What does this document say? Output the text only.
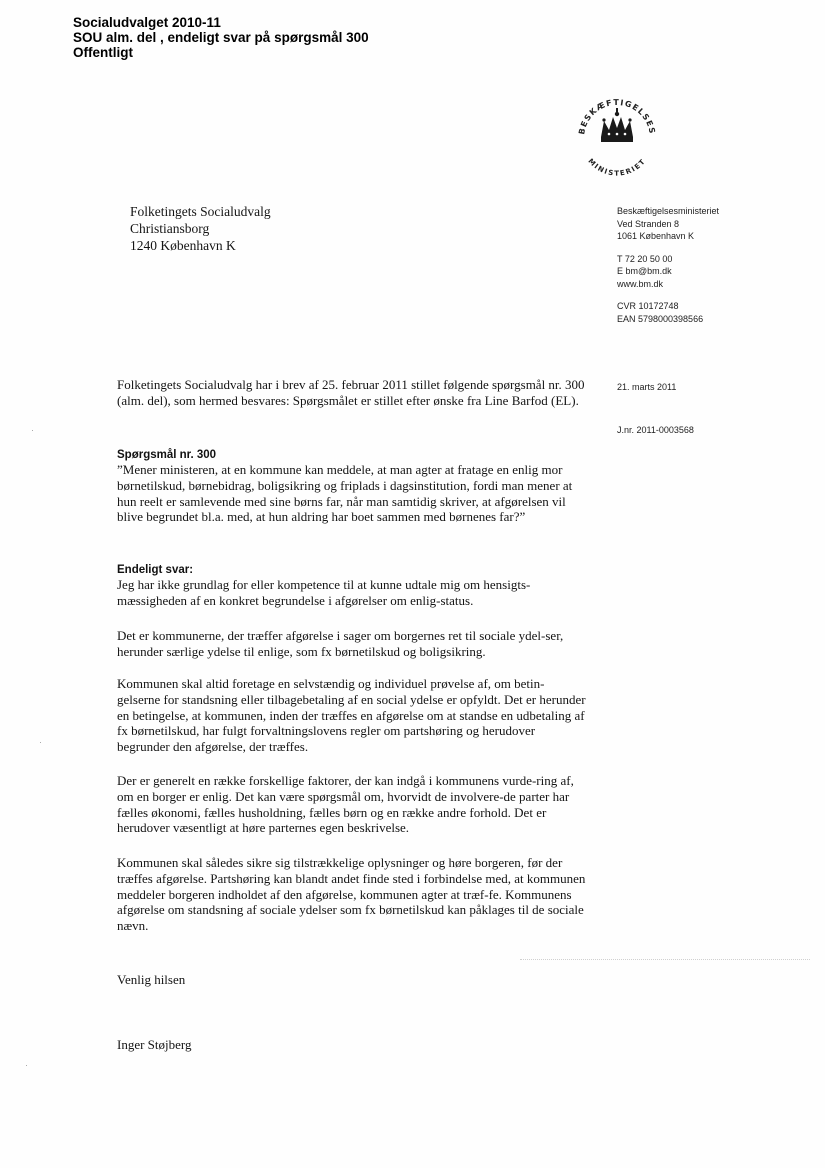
Socialudvalget 2010-11
SOU alm. del , endeligt svar på spørgsmål 300
Offentligt
BESKÆFTIGELSES
MINISTERIET
Folketingets Socialudvalg
Christiansborg
1240 København K
Beskæftigelsesministeriet
Ved Stranden 8
1061 København K
T 72 20 50 00
E bm@bm.dk
www.bm.dk
CVR 10172748
EAN 5798000398566
21. marts 2011
J.nr. 2011-0003568

Folketingets Socialudvalg har i brev af 25. februar 2011 stillet følgende spørgsmål nr. 300 (alm. del), som hermed besvares: Spørgsmålet er stillet efter ønske fra Line Barfod (EL).

Spørgsmål nr. 300

”Mener ministeren, at en kommune kan meddele, at man agter at fratage en enlig mor børnetilskud, børnebidrag, boligsikring og friplads i dagsinstitution, fordi man mener at hun reelt er samlevende med sine børns far, når man samtidig skriver, at afgørelsen vil blive begrundet bl.a. med, at hun aldring har boet sammen med børnenes far?”

Endeligt svar:

Jeg har ikke grundlag for eller kompetence til at kunne udtale mig om hensigts-mæssigheden af en konkret begrundelse i afgørelser om enlig-status.

Det er kommunerne, der træffer afgørelse i sager om borgernes ret til sociale ydel-ser, herunder særlige ydelse til enlige, som fx børnetilskud og boligsikring.

Kommunen skal altid foretage en selvstændig og individuel prøvelse af, om betin-gelserne for standsning eller tilbagebetaling af en social ydelse er opfyldt. Det er herunder en betingelse, at kommunen, inden der træffes en afgørelse om at standse en udbetaling af fx børnetilskud, har fulgt forvaltningslovens regler om partshøring og herudover begrunder den afgørelse, der træffes.

Der er generelt en række forskellige faktorer, der kan indgå i kommunens vurde-ring af, om en borger er enlig. Det kan være spørgsmål om, hvorvidt de involvere-de parter har fælles økonomi, fælles husholdning, fælles børn og en række andre forhold. Det er herudover væsentligt at høre parternes egen beskrivelse.

Kommunen skal således sikre sig tilstrækkelige oplysninger og høre borgeren, før der træffes afgørelse. Partshøring kan blandt andet finde sted i forbindelse med, at kommunen meddeler borgeren indholdet af den afgørelse, kommunen agter at træf-fe. Kommunens afgørelse om standsning af sociale ydelser som fx børnetilskud kan påklages til de sociale nævn.

Venlig hilsen
Inger Støjberg
